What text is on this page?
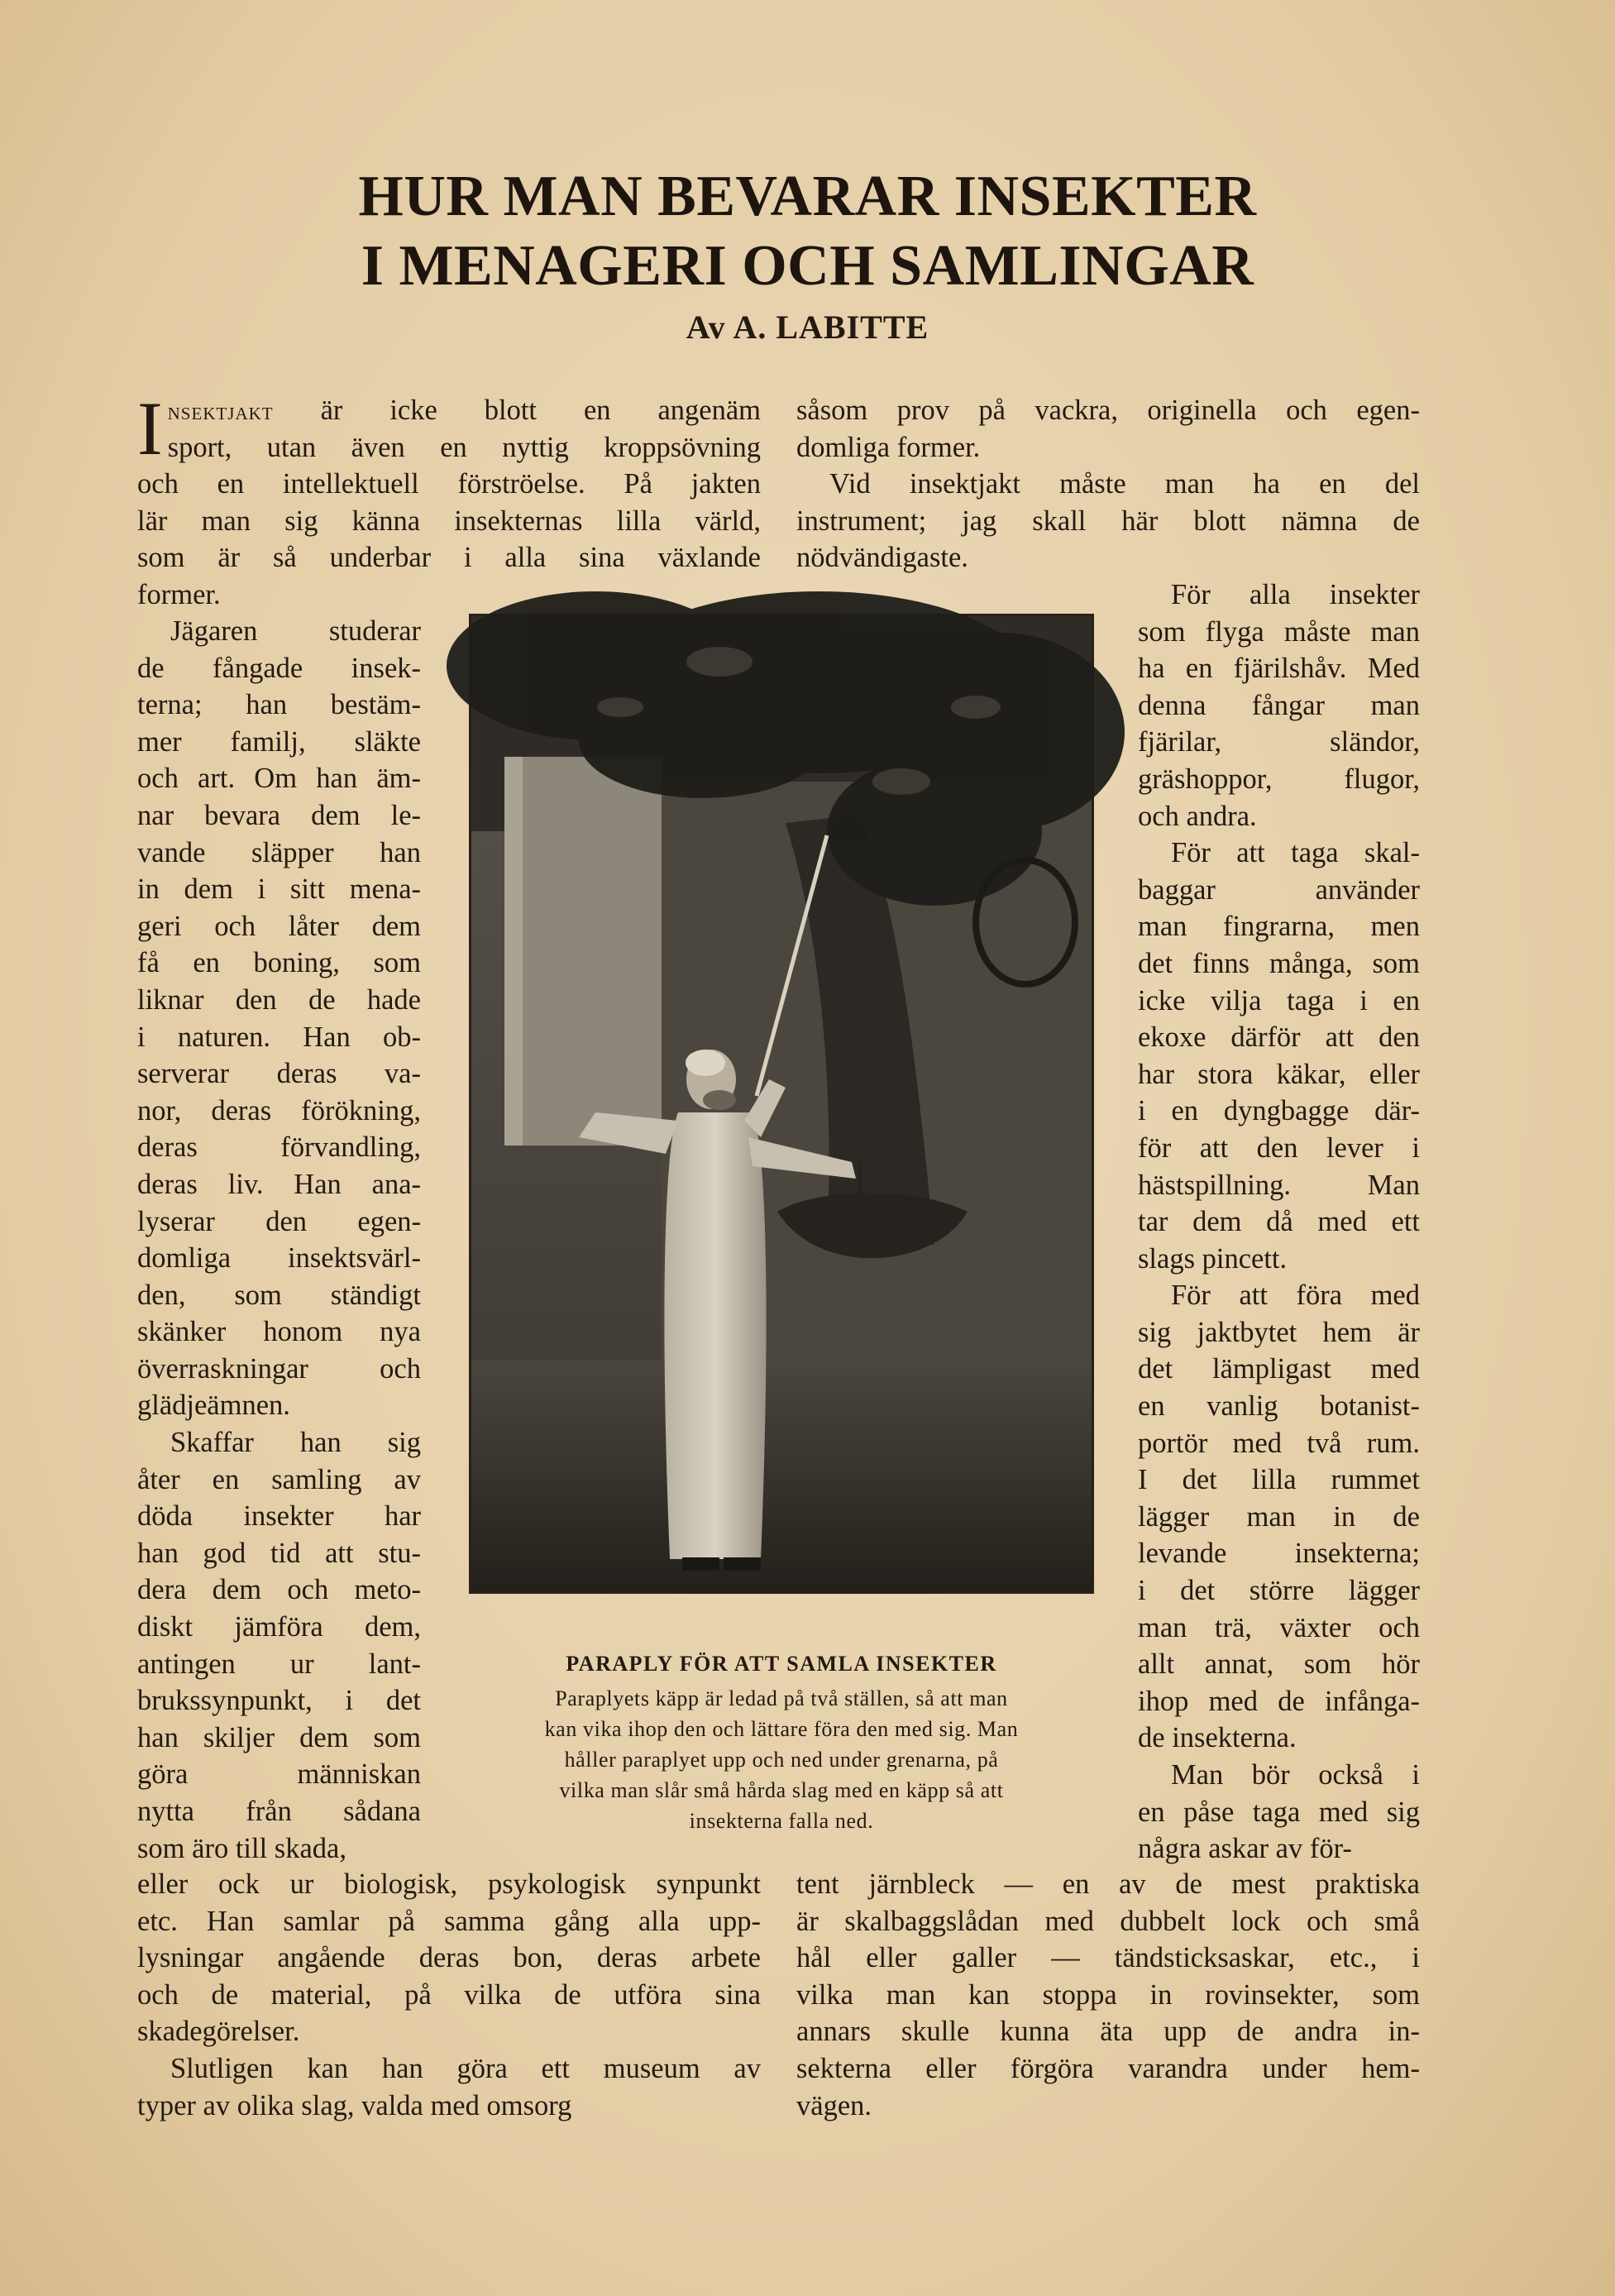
HUR MAN BEVARAR INSEKTER
I MENAGERI OCH SAMLINGAR
Av A. LABITTE
Insektjakt är icke blott en angenäm
sport, utan även en nyttig kroppsövning
och en intellektuell förströelse. På jakten
lär man sig känna insekternas lilla värld,
som är så underbar i alla sina växlande
former.
Jägaren studerar
de fångade insek-
terna; han bestäm-
mer familj, släkte
och art. Om han äm-
nar bevara dem le-
vande släpper han
in dem i sitt mena-
geri och låter dem
få en boning, som
liknar den de hade
i naturen. Han ob-
serverar deras va-
nor, deras förökning,
deras förvandling,
deras liv. Han ana-
lyserar den egen-
domliga insektsvärl-
den, som ständigt
skänker honom nya
överraskningar och
glädjeämnen.
Skaffar han sig
åter en samling av
döda insekter har
han god tid att stu-
dera dem och meto-
diskt jämföra dem,
antingen ur lant-
brukssynpunkt, i det
han skiljer dem som
göra människan
nytta från sådana
som äro till skada,
eller ock ur biologisk, psykologisk synpunkt
etc. Han samlar på samma gång alla upp-
lysningar angående deras bon, deras arbete
och de material, på vilka de utföra sina
skadegörelser.
Slutligen kan han göra ett museum av
typer av olika slag, valda med omsorg
såsom prov på vackra, originella och egen-
domliga former.
Vid insektjakt måste man ha en del
instrument; jag skall här blott nämna de
nödvändigaste.
För alla insekter
som flyga måste man
ha en fjärilshåv. Med
denna fångar man
fjärilar, sländor,
gräshoppor, flugor,
och andra.
För att taga skal-
baggar använder
man fingrarna, men
det finns många, som
icke vilja taga i en
ekoxe därför att den
har stora käkar, eller
i en dyngbagge där-
för att den lever i
hästspillning. Man
tar dem då med ett
slags pincett.
För att föra med
sig jaktbytet hem är
det lämpligast med
en vanlig botanist-
portör med två rum.
I det lilla rummet
lägger man in de
levande insekterna;
i det större lägger
man trä, växter och
allt annat, som hör
ihop med de infånga-
de insekterna.
Man bör också i
en påse taga med sig
några askar av för-
tent järnbleck — en av de mest praktiska
är skalbaggslådan med dubbelt lock och små
hål eller galler — tändsticksaskar, etc., i
vilka man kan stoppa in rovinsekter, som
annars skulle kunna äta upp de andra in-
sekterna eller förgöra varandra under hem-
vägen.
PARAPLY FÖR ATT SAMLA INSEKTER
Paraplyets käpp är ledad på två ställen, så att man
kan vika ihop den och lättare föra den med sig. Man
håller paraplyet upp och ned under grenarna, på
vilka man slår små hårda slag med en käpp så att
insekterna falla ned.
